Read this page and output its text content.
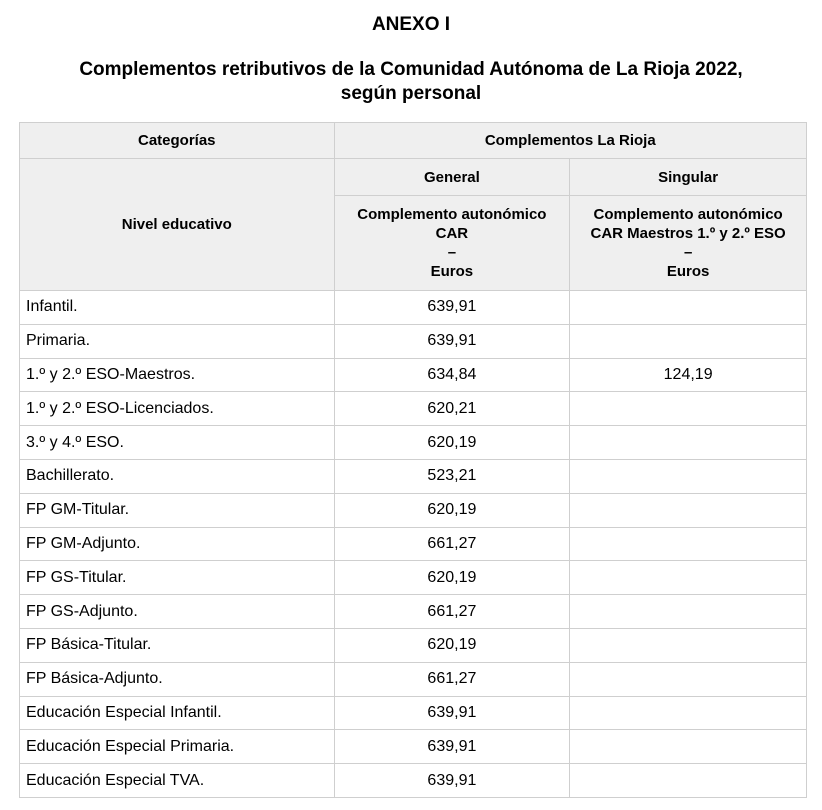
ANEXO I
Complementos retributivos de la Comunidad Autónoma de La Rioja 2022,
según personal
Categorías	Complementos La Rioja	
Nivel educativo	General	Singular
	Complemento autonómico
CAR
–
Euros	Complemento autonómico
CAR Maestros 1.º y 2.º ESO
–
Euros
Infantil.	639,91	
Primaria.	639,91	
1.º y 2.º ESO-Maestros.	634,84	124,19
1.º y 2.º ESO-Licenciados.	620,21	
3.º y 4.º ESO.	620,19	
Bachillerato.	523,21	
FP GM-Titular.	620,19	
FP GM-Adjunto.	661,27	
FP GS-Titular.	620,19	
FP GS-Adjunto.	661,27	
FP Básica-Titular.	620,19	
FP Básica-Adjunto.	661,27	
Educación Especial Infantil.	639,91	
Educación Especial Primaria.	639,91	
Educación Especial TVA.	639,91	
